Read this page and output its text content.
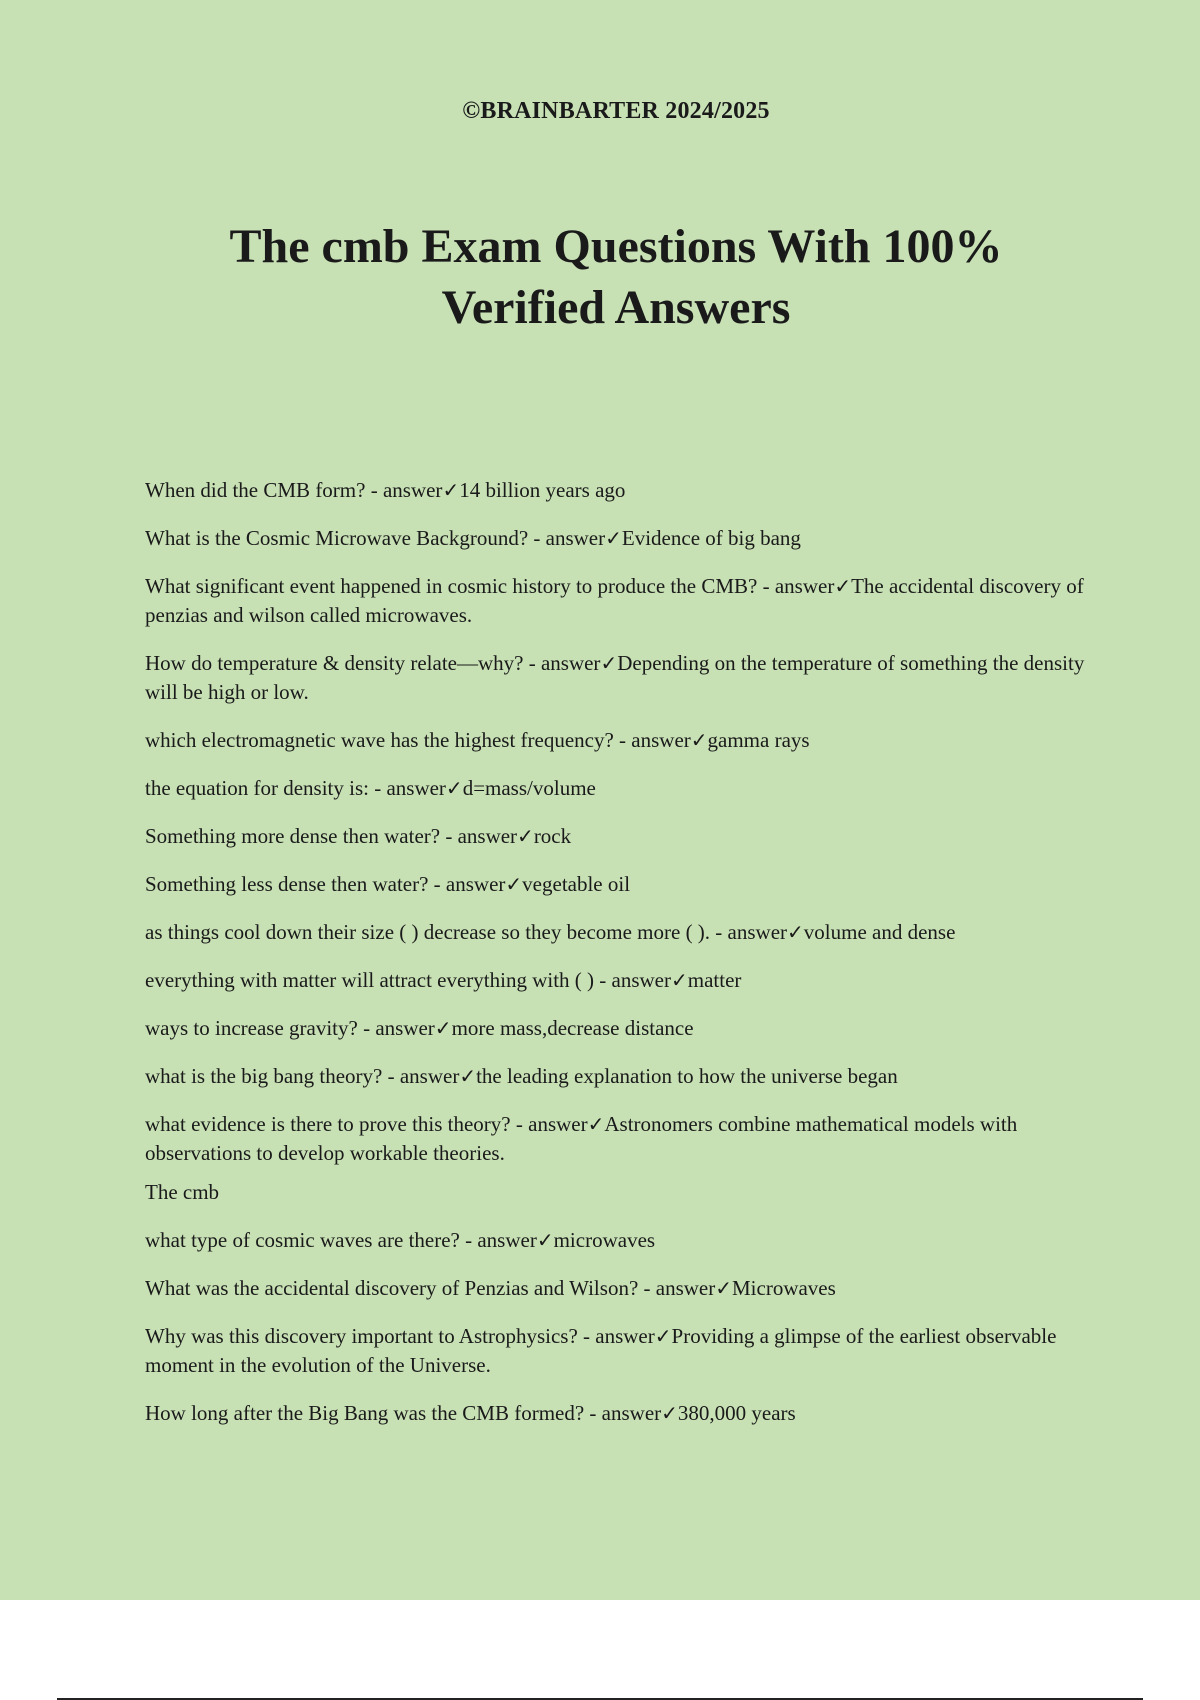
©BRAINBARTER 2024/2025
The cmb Exam Questions With 100%
Verified Answers
When did the CMB form? - answer✓14 billion years ago
What is the Cosmic Microwave Background? - answer✓Evidence of big bang
What significant event happened in cosmic history to produce the CMB? - answer✓The accidental discovery of penzias and wilson called microwaves.
How do temperature & density relate—why? - answer✓Depending on the temperature of something the density will be high or low.
which electromagnetic wave has the highest frequency? - answer✓gamma rays
the equation for density is: - answer✓d=mass/volume
Something more dense then water? - answer✓rock
Something less dense then water? - answer✓vegetable oil
as things cool down their size ( ) decrease so they become more ( ). - answer✓volume and dense
everything with matter will attract everything with ( ) - answer✓matter
ways to increase gravity? - answer✓more mass,decrease distance
what is the big bang theory? - answer✓the leading explanation to how the universe began
what evidence is there to prove this theory? - answer✓Astronomers combine mathematical models with observations to develop workable theories.
The cmb
what type of cosmic waves are there? - answer✓microwaves
What was the accidental discovery of Penzias and Wilson? - answer✓Microwaves
Why was this discovery important to Astrophysics? - answer✓Providing a glimpse of the earliest observable moment in the evolution of the Universe.
How long after the Big Bang was the CMB formed? - answer✓380,000 years
